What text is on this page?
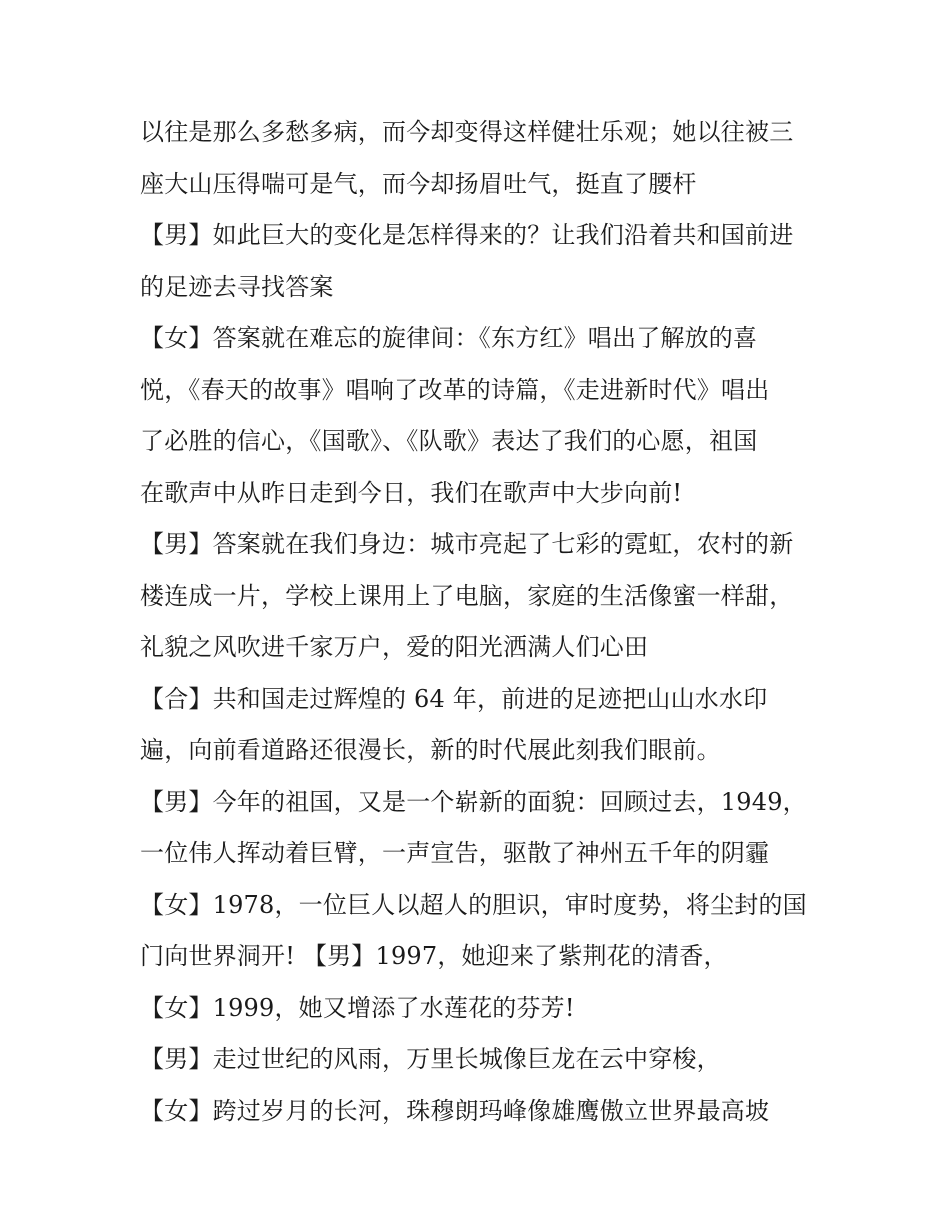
以往是那么多愁多病，而今却变得这样健壮乐观；她以往被三
座大山压得喘可是气，而今却扬眉吐气，挺直了腰杆
【男】如此巨大的变化是怎样得来的？让我们沿着共和国前进
的足迹去寻找答案
【女】答案就在难忘的旋律间：《东方红》唱出了解放的喜
悦，《春天的故事》唱响了改革的诗篇，《走进新时代》唱出
了必胜的信心，《国歌》、《队歌》表达了我们的心愿，祖国
在歌声中从昨日走到今日，我们在歌声中大步向前!
【男】答案就在我们身边：城市亮起了七彩的霓虹，农村的新
楼连成一片，学校上课用上了电脑，家庭的生活像蜜一样甜，
礼貌之风吹进千家万户，爱的阳光洒满人们心田
【合】共和国走过辉煌的 64 年，前进的足迹把山山水水印
遍，向前看道路还很漫长，新的时代展此刻我们眼前。
【男】今年的祖国，又是一个崭新的面貌：回顾过去，1949，
一位伟人挥动着巨臂，一声宣告，驱散了神州五千年的阴霾
【女】1978，一位巨人以超人的胆识，审时度势，将尘封的国
门向世界洞开! 【男】1997，她迎来了紫荆花的清香，
【女】1999，她又增添了水莲花的芬芳!
【男】走过世纪的风雨，万里长城像巨龙在云中穿梭，
【女】跨过岁月的长河，珠穆朗玛峰像雄鹰傲立世界最高坡
